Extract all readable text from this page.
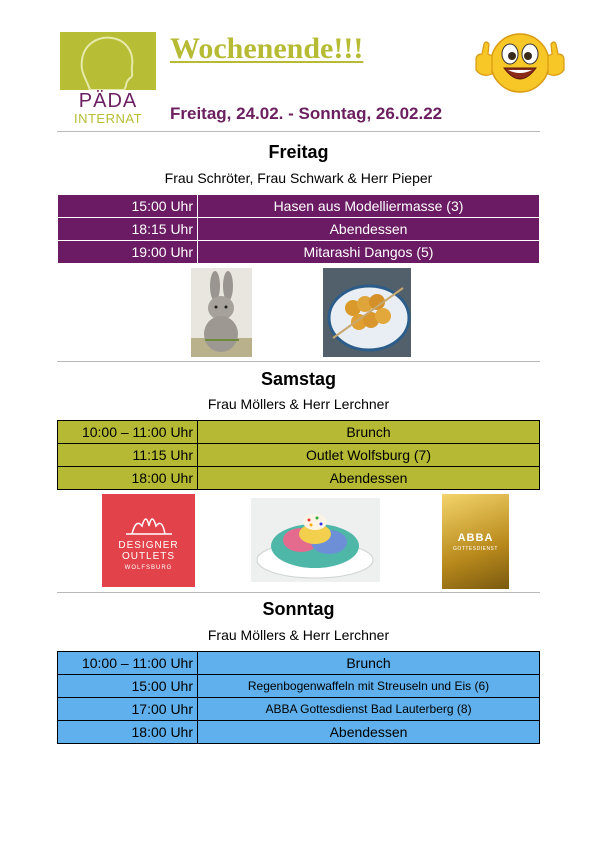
PÄDA
INTERNAT
Wochenende!!!
Freitag, 24.02. - Sonntag, 26.02.22
Freitag
Frau Schröter, Frau Schwark & Herr Pieper
15:00 Uhr	Hasen aus Modelliermasse (3)
18:15 Uhr	Abendessen
19:00 Uhr	Mitarashi Dangos (5)
Samstag
Frau Möllers & Herr Lerchner
10:00 – 11:00 Uhr	Brunch
11:15 Uhr	Outlet Wolfsburg (7)
18:00 Uhr	Abendessen
DESIGNER
OUTLETS
WOLFSBURG
ABBA
GOTTESDIENST
Sonntag
Frau Möllers & Herr Lerchner
10:00 – 11:00 Uhr	Brunch
15:00 Uhr	Regenbogenwaffeln mit Streuseln und Eis (6)
17:00 Uhr	ABBA Gottesdienst Bad Lauterberg (8)
18:00 Uhr	Abendessen
